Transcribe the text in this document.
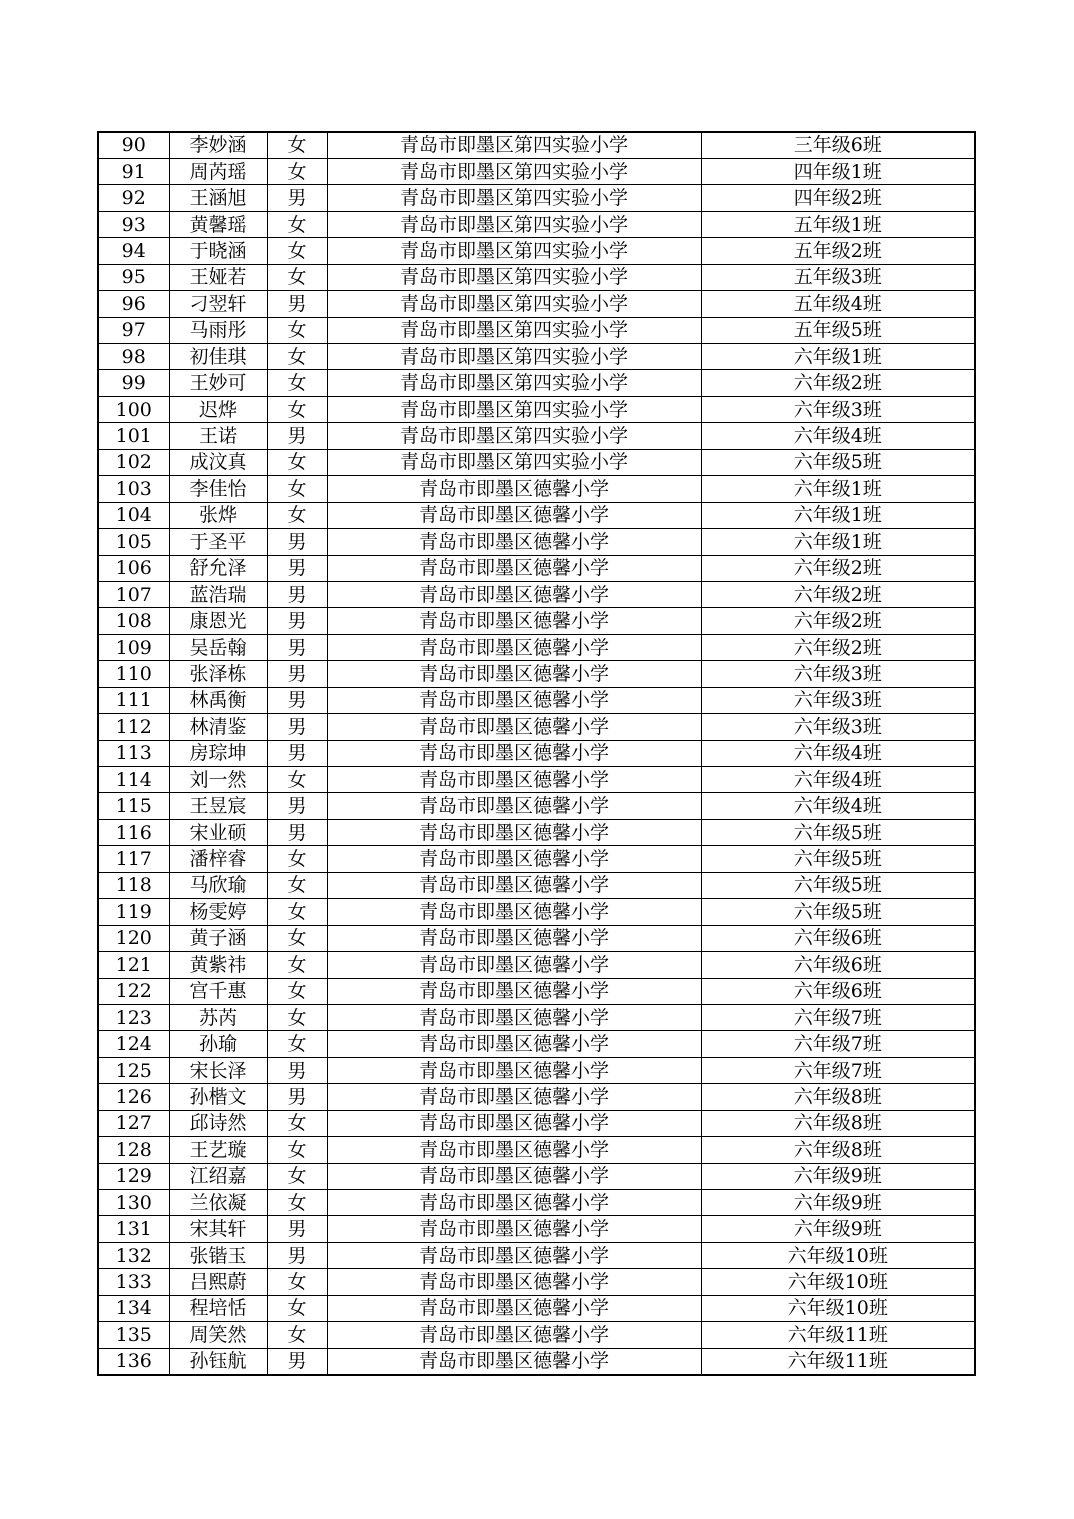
90	李妙涵	女	青岛市即墨区第四实验小学	三年级6班
91	周芮瑶	女	青岛市即墨区第四实验小学	四年级1班
92	王涵旭	男	青岛市即墨区第四实验小学	四年级2班
93	黄馨瑶	女	青岛市即墨区第四实验小学	五年级1班
94	于晓涵	女	青岛市即墨区第四实验小学	五年级2班
95	王娅若	女	青岛市即墨区第四实验小学	五年级3班
96	刁翌轩	男	青岛市即墨区第四实验小学	五年级4班
97	马雨彤	女	青岛市即墨区第四实验小学	五年级5班
98	初佳琪	女	青岛市即墨区第四实验小学	六年级1班
99	王妙可	女	青岛市即墨区第四实验小学	六年级2班
100	迟烨	女	青岛市即墨区第四实验小学	六年级3班
101	王诺	男	青岛市即墨区第四实验小学	六年级4班
102	成汶真	女	青岛市即墨区第四实验小学	六年级5班
103	李佳怡	女	青岛市即墨区德馨小学	六年级1班
104	张烨	女	青岛市即墨区德馨小学	六年级1班
105	于圣平	男	青岛市即墨区德馨小学	六年级1班
106	舒允泽	男	青岛市即墨区德馨小学	六年级2班
107	蓝浩瑞	男	青岛市即墨区德馨小学	六年级2班
108	康恩光	男	青岛市即墨区德馨小学	六年级2班
109	吴岳翰	男	青岛市即墨区德馨小学	六年级2班
110	张泽栋	男	青岛市即墨区德馨小学	六年级3班
111	林禹衡	男	青岛市即墨区德馨小学	六年级3班
112	林清鉴	男	青岛市即墨区德馨小学	六年级3班
113	房琮坤	男	青岛市即墨区德馨小学	六年级4班
114	刘一然	女	青岛市即墨区德馨小学	六年级4班
115	王昱宸	男	青岛市即墨区德馨小学	六年级4班
116	宋业硕	男	青岛市即墨区德馨小学	六年级5班
117	潘梓睿	女	青岛市即墨区德馨小学	六年级5班
118	马欣瑜	女	青岛市即墨区德馨小学	六年级5班
119	杨雯婷	女	青岛市即墨区德馨小学	六年级5班
120	黄子涵	女	青岛市即墨区德馨小学	六年级6班
121	黄紫祎	女	青岛市即墨区德馨小学	六年级6班
122	宫千惠	女	青岛市即墨区德馨小学	六年级6班
123	苏芮	女	青岛市即墨区德馨小学	六年级7班
124	孙瑜	女	青岛市即墨区德馨小学	六年级7班
125	宋长泽	男	青岛市即墨区德馨小学	六年级7班
126	孙楷文	男	青岛市即墨区德馨小学	六年级8班
127	邱诗然	女	青岛市即墨区德馨小学	六年级8班
128	王艺璇	女	青岛市即墨区德馨小学	六年级8班
129	江绍嘉	女	青岛市即墨区德馨小学	六年级9班
130	兰依凝	女	青岛市即墨区德馨小学	六年级9班
131	宋其轩	男	青岛市即墨区德馨小学	六年级9班
132	张锴玉	男	青岛市即墨区德馨小学	六年级10班
133	吕熙蔚	女	青岛市即墨区德馨小学	六年级10班
134	程培恬	女	青岛市即墨区德馨小学	六年级10班
135	周笑然	女	青岛市即墨区德馨小学	六年级11班
136	孙钰航	男	青岛市即墨区德馨小学	六年级11班
